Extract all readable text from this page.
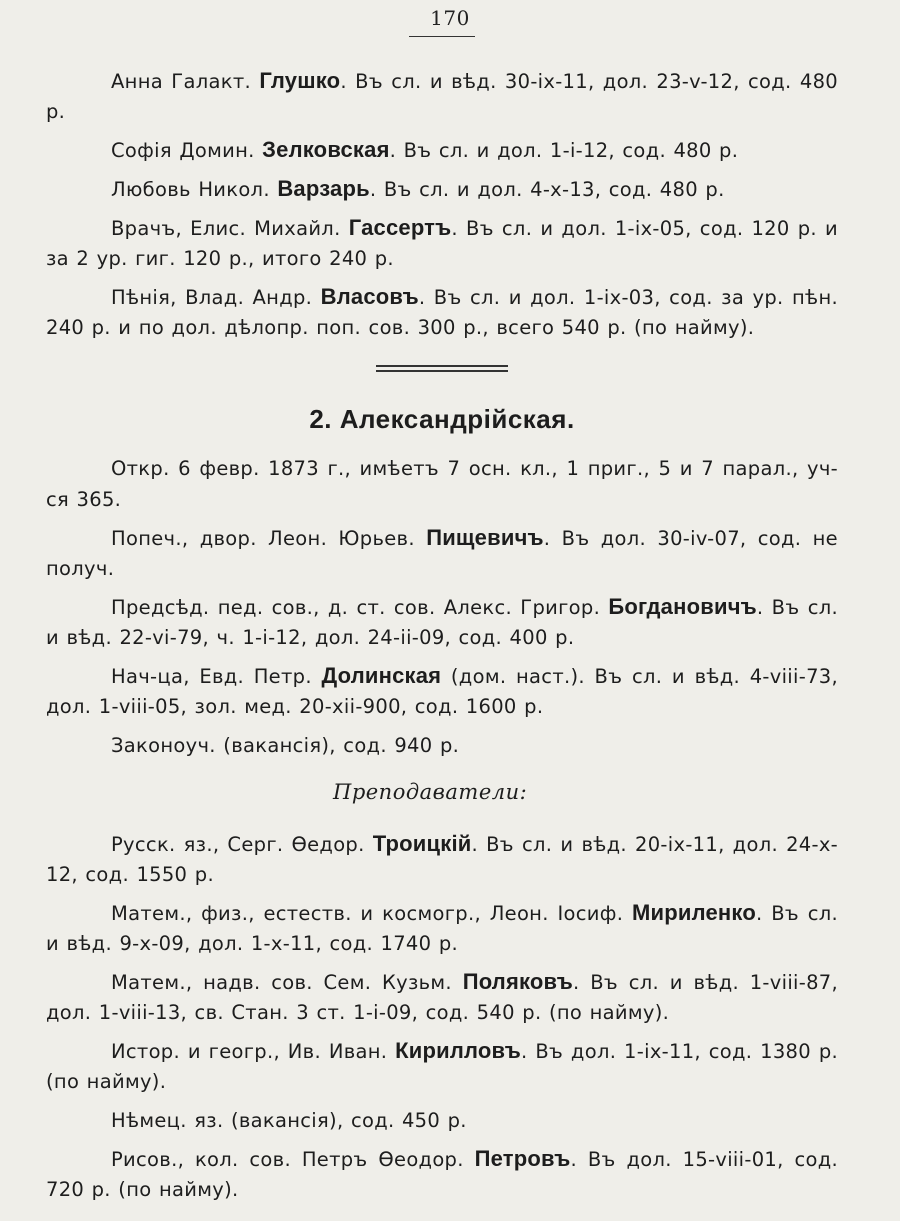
170

Анна Галакт. Глушко. Въ сл. и вѣд. 30-ix-11, дол. 23-v-12, сод. 480 р.

Софія Домин. Зелковская. Въ сл. и дол. 1-i-12, сод. 480 р.

Любовь Никол. Варзарь. Въ сл. и дол. 4-x-13, сод. 480 р.

Врачъ, Елис. Михайл. Гассертъ. Въ сл. и дол. 1-ix-05, сод. 120 р. и за 2 ур. гиг. 120 р., итого 240 р.

Пѣнія, Влад. Андр. Власовъ. Въ сл. и дол. 1-ix-03, сод. за ур. пѣн. 240 р. и по дол. дѣлопр. поп. сов. 300 р., всего 540 р. (по найму).

2. Александрiйская.

Откр. 6 февр. 1873 г., имѣетъ 7 осн. кл., 1 приг., 5 и 7 парал., уч-ся 365.

Попеч., двор. Леон. Юрьев. Пищевичъ. Въ дол. 30-iv-07, сод. не получ.

Предсѣд. пед. сов., д. ст. сов. Алекс. Григор. Богдановичъ. Въ сл. и вѣд. 22-vi-79, ч. 1-i-12, дол. 24-ii-09, сод. 400 р.

Нач-ца, Евд. Петр. Долинская (дом. наст.). Въ сл. и вѣд. 4-viii-73, дол. 1-viii-05, зол. мед. 20-xii-900, сод. 1600 р.

Законоуч. (вакансія), сод. 940 р.

Преподаватели:

Русск. яз., Серг. Өедор. Троицкій. Въ сл. и вѣд. 20-ix-11, дол. 24-x-12, сод. 1550 р.

Матем., физ., естеств. и космогр., Леон. Іосиф. Мириленко. Въ сл. и вѣд. 9-x-09, дол. 1-x-11, сод. 1740 р.

Матем., надв. сов. Сем. Кузьм. Поляковъ. Въ сл. и вѣд. 1-viii-87, дол. 1-viii-13, св. Стан. 3 ст. 1-i-09, сод. 540 р. (по найму).

Истор. и геогр., Ив. Иван. Кирилловъ. Въ дол. 1-ix-11, сод. 1380 р. (по найму).

Нѣмец. яз. (вакансія), сод. 450 р.

Рисов., кол. сов. Петръ Өеодор. Петровъ. Въ дол. 15-viii-01, сод. 720 р. (по найму).
